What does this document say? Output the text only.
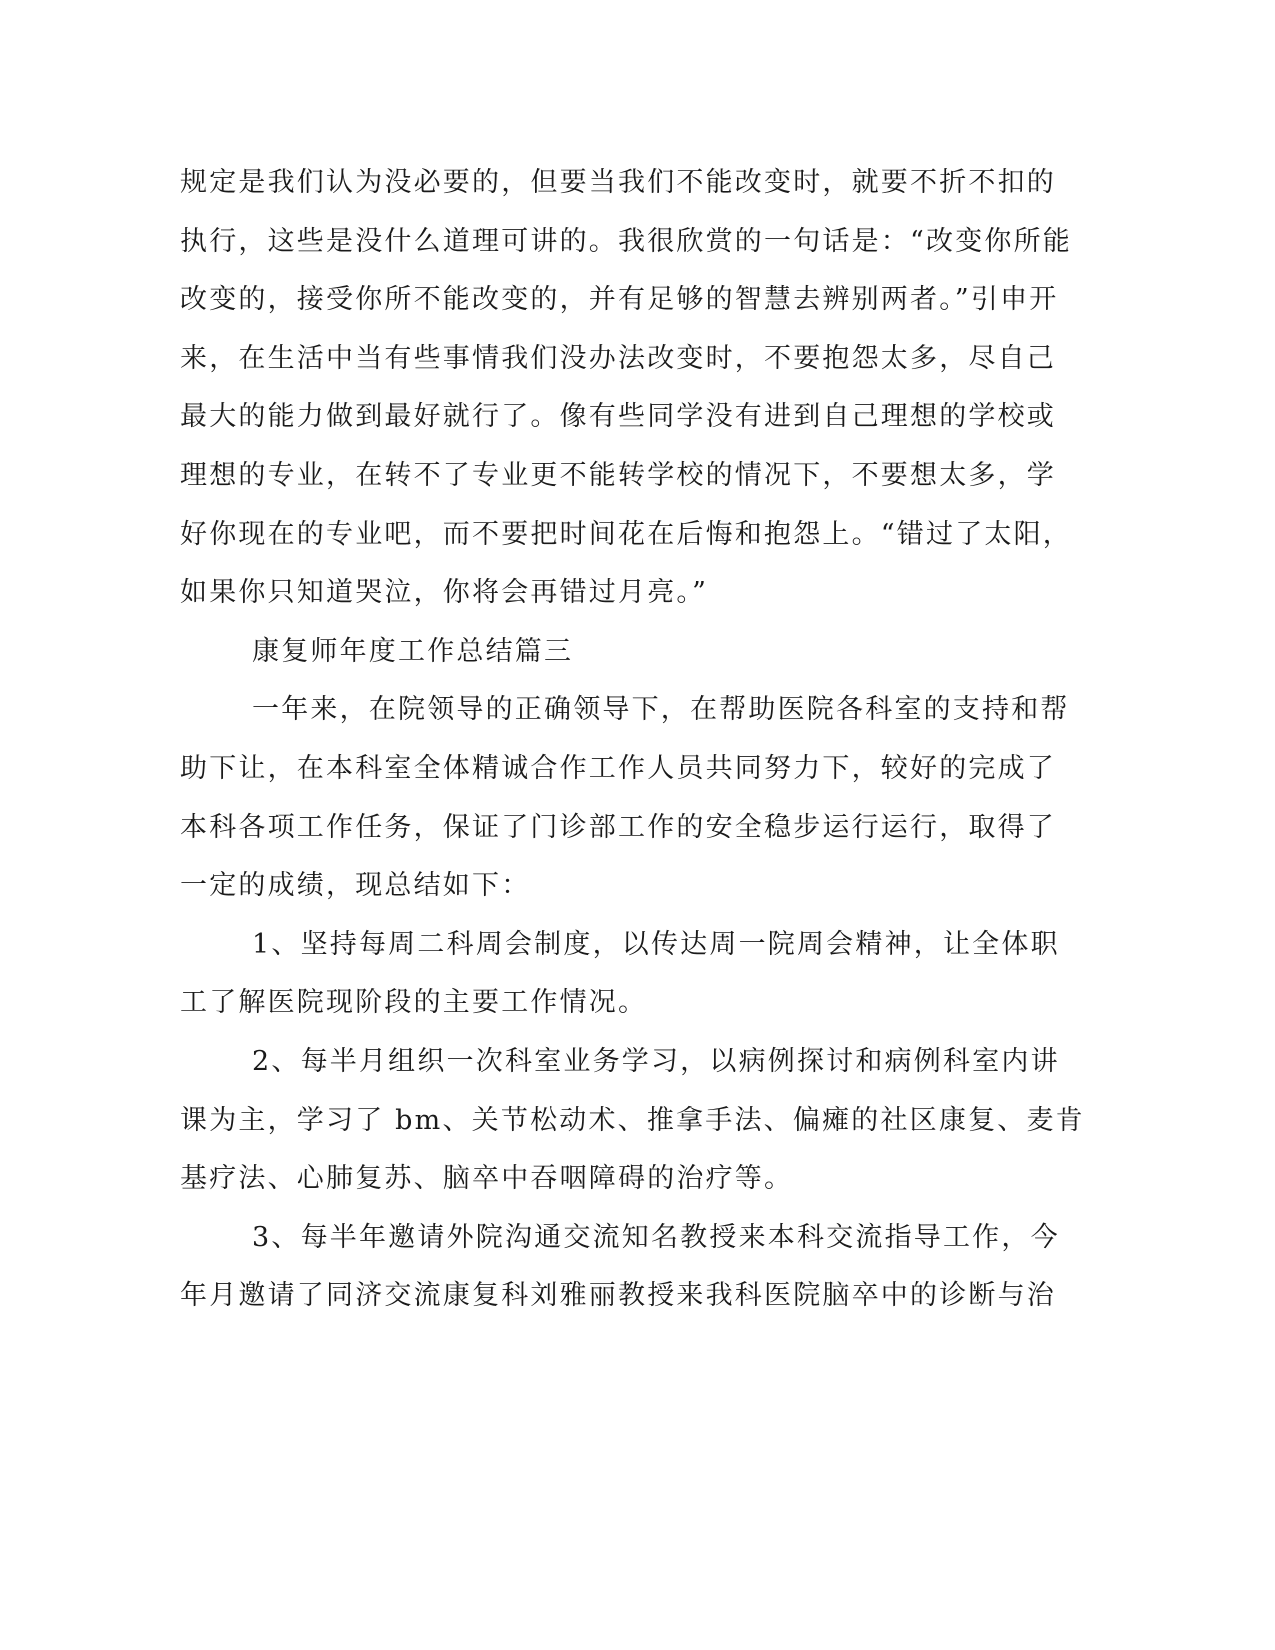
规定是我们认为没必要的，但要当我们不能改变时，就要不折不扣的
执行，这些是没什么道理可讲的。我很欣赏的一句话是：“改变你所能
改变的，接受你所不能改变的，并有足够的智慧去辨别两者。”引申开
来，在生活中当有些事情我们没办法改变时，不要抱怨太多，尽自己
最大的能力做到最好就行了。像有些同学没有进到自己理想的学校或
理想的专业，在转不了专业更不能转学校的情况下，不要想太多，学
好你现在的专业吧，而不要把时间花在后悔和抱怨上。“错过了太阳，
如果你只知道哭泣，你将会再错过月亮。”
康复师年度工作总结篇三
一年来，在院领导的正确领导下，在帮助医院各科室的支持和帮
助下让，在本科室全体精诚合作工作人员共同努力下，较好的完成了
本科各项工作任务，保证了门诊部工作的安全稳步运行运行，取得了
一定的成绩，现总结如下：
1、坚持每周二科周会制度，以传达周一院周会精神，让全体职
工了解医院现阶段的主要工作情况。
2、每半月组织一次科室业务学习，以病例探讨和病例科室内讲
课为主，学习了 bm、关节松动术、推拿手法、偏瘫的社区康复、麦肯
基疗法、心肺复苏、脑卒中吞咽障碍的治疗等。
3、每半年邀请外院沟通交流知名教授来本科交流指导工作，今
年月邀请了同济交流康复科刘雅丽教授来我科医院脑卒中的诊断与治
